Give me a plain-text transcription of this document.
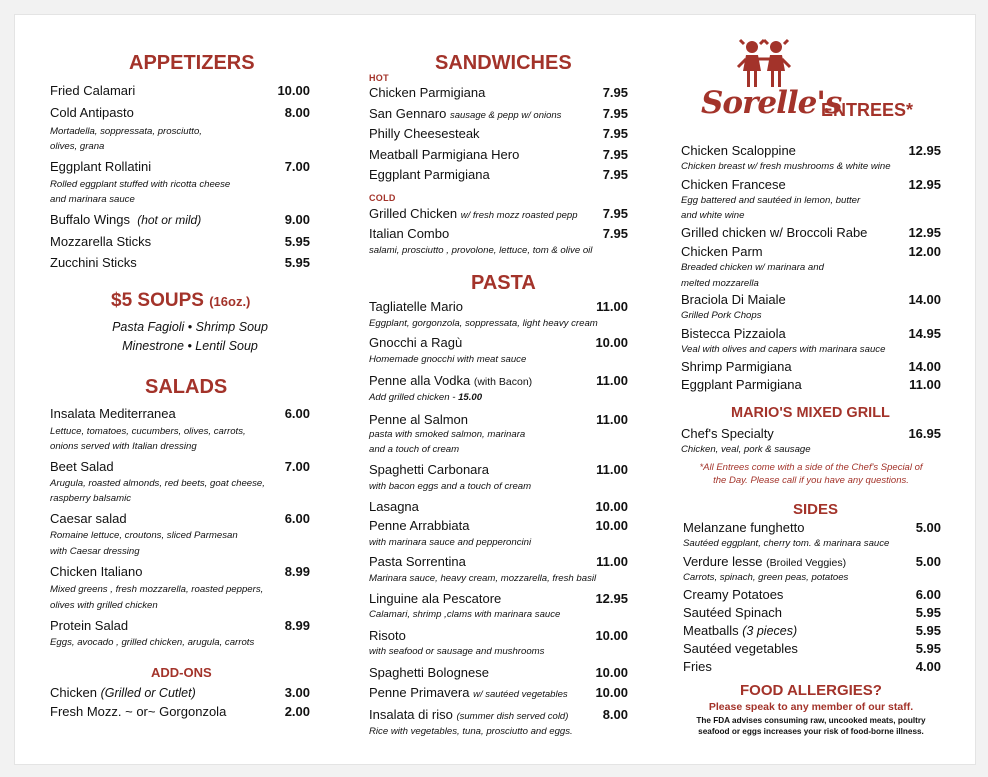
APPETIZERS
Fried Calamari	10.00
Cold Antipasto	8.00
Mortadella, soppressata, prosciutto,
olives, grana
Eggplant Rollatini	7.00
Rolled eggplant stuffed with ricotta cheese
and marinara sauce
Buffalo Wings (hot or mild)	9.00
Mozzarella Sticks	5.95
Zucchini Sticks	5.95
$5 SOUPS (16oz.)
Pasta Fagioli • Shrimp Soup
Minestrone • Lentil Soup
SALADS
Insalata Mediterranea	6.00
Lettuce, tomatoes, cucumbers, olives, carrots,
onions served with Italian dressing
Beet Salad	7.00
Arugula, roasted almonds, red beets, goat cheese,
raspberry balsamic
Caesar salad	6.00
Romaine lettuce, croutons, sliced Parmesan
with Caesar dressing
Chicken Italiano	8.99
Mixed greens , fresh mozzarella, roasted peppers,
olives with grilled chicken
Protein Salad	8.99
Eggs, avocado , grilled chicken, arugula, carrots
ADD-ONS
Chicken (Grilled or Cutlet)	3.00
Fresh Mozz. ~ or~ Gorgonzola	2.00
SANDWICHES
HOT
Chicken Parmigiana	7.95
San Gennaro sausage & pepp w/ onions	7.95
Philly Cheesesteak	7.95
Meatball Parmigiana Hero	7.95
Eggplant Parmigiana	7.95
COLD
Grilled Chicken w/ fresh mozz roasted pepp 7.95
Italian Combo	7.95
salami, prosciutto , provolone, lettuce, tom & olive oil
PASTA
Tagliatelle Mario	11.00
Eggplant, gorgonzola, soppressata, light heavy cream
Gnocchi a Ragù	10.00
Homemade gnocchi with meat sauce
Penne alla Vodka (with Bacon)	11.00
Add grilled chicken - 15.00
Penne al Salmon	11.00
pasta with smoked salmon, marinara
and a touch of cream
Spaghetti Carbonara	11.00
with bacon eggs and a touch of cream
Lasagna	10.00
Penne Arrabbiata	10.00
with marinara sauce and pepperoncini
Pasta Sorrentina	11.00
Marinara sauce, heavy cream, mozzarella, fresh basil
Linguine ala Pescatore	12.95
Calamari, shrimp ,clams with marinara sauce
Risoto	10.00
with seafood or sausage and mushrooms
Spaghetti Bolognese	10.00
Penne Primavera w/ sautéed vegetables 10.00
Insalata di riso (summer dish served cold)	8.00
Rice with vegetables, tuna, prosciutto and eggs.
Sorelle's
ENTREES*
Chicken Scaloppine	12.95
Chicken breast w/ fresh mushrooms & white wine
Chicken Francese	12.95
Egg battered and sautéed in lemon, butter
and white wine
Grilled chicken w/ Broccoli Rabe	12.95
Chicken Parm	12.00
Breaded chicken w/ marinara and
melted mozzarella
Braciola Di Maiale	14.00
Grilled Pork Chops
Bistecca Pizzaiola	14.95
Veal with olives and capers with marinara sauce
Shrimp Parmigiana	14.00
Eggplant Parmigiana	11.00
MARIO'S MIXED GRILL
Chef's Specialty	16.95
Chicken, veal, pork & sausage
*All Entrees come with a side of the Chef's Special of
the Day. Please call if you have any questions.
SIDES
Melanzane funghetto	5.00
Sautéed eggplant, cherry tom. & marinara sauce
Verdure lesse (Broiled Veggies)	5.00
Carrots, spinach, green peas, potatoes
Creamy Potatoes	6.00
Sautéed Spinach	5.95
Meatballs (3 pieces)	5.95
Sautéed vegetables	5.95
Fries	4.00
FOOD ALLERGIES?
Please speak to any member of our staff.
The FDA advises consuming raw, uncooked meats, poultry
seafood or eggs increases your risk of food-borne illness.
